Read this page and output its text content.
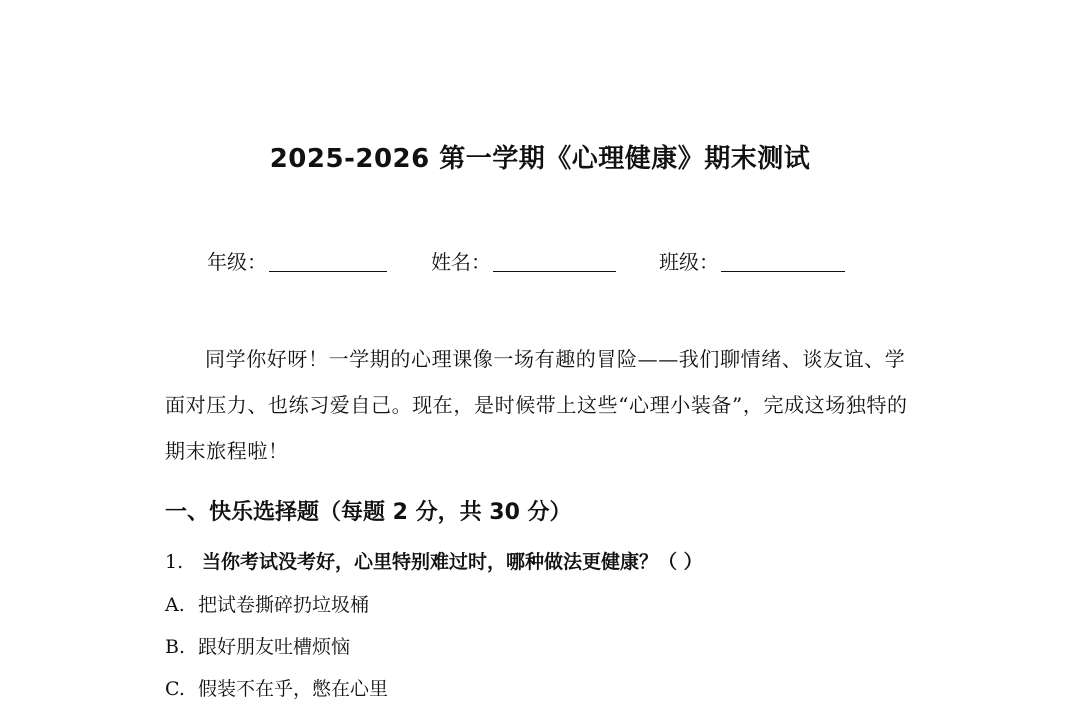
2025-2026 第一学期《心理健康》期末测试
年级：	姓名：	班级：

同学你好呀！一学期的心理课像一场有趣的冒险——我们聊情绪、谈友谊、学面对压力、也练习爱自己。现在，是时候带上这些“心理小装备”，完成这场独特的期末旅程啦！

一、快乐选择题（每题 2 分，共 30 分）
1. 当你考试没考好，心里特别难过时，哪种做法更健康？（ ）
A. 把试卷撕碎扔垃圾桶
B. 跟好朋友吐槽烦恼
C. 假装不在乎，憋在心里
